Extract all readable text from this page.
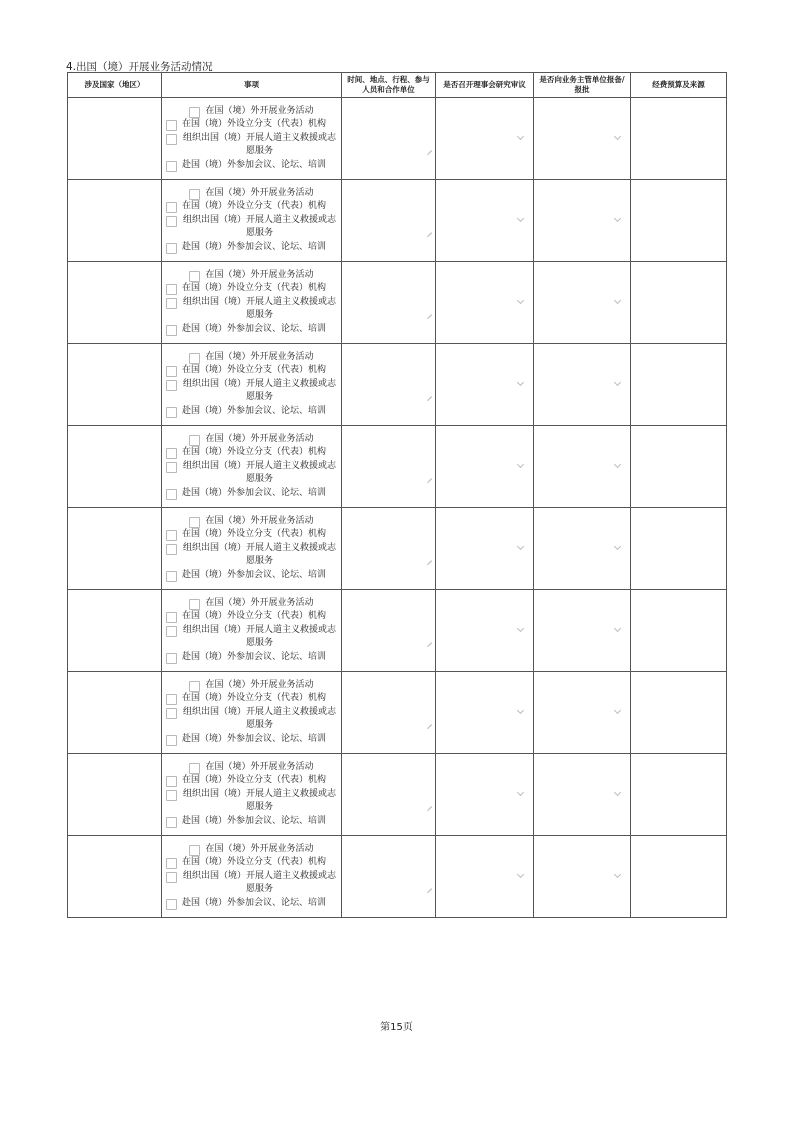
4.出国（境）开展业务活动情况
涉及国家（地区）	事项	时间、地点、行程、参与
人员和合作单位	是否召开理事会研究审议	是否向业务主管单位报备/
报批	经费预算及来源

	在国（境）外开展业务活动
在国（境）外设立分支（代表）机构
组织出国（境）开展人道主义救援或志
愿服务
赴国（境）外参加会议、论坛、培训				

	在国（境）外开展业务活动
在国（境）外设立分支（代表）机构
组织出国（境）开展人道主义救援或志
愿服务
赴国（境）外参加会议、论坛、培训				

	在国（境）外开展业务活动
在国（境）外设立分支（代表）机构
组织出国（境）开展人道主义救援或志
愿服务
赴国（境）外参加会议、论坛、培训				

	在国（境）外开展业务活动
在国（境）外设立分支（代表）机构
组织出国（境）开展人道主义救援或志
愿服务
赴国（境）外参加会议、论坛、培训				

	在国（境）外开展业务活动
在国（境）外设立分支（代表）机构
组织出国（境）开展人道主义救援或志
愿服务
赴国（境）外参加会议、论坛、培训				

	在国（境）外开展业务活动
在国（境）外设立分支（代表）机构
组织出国（境）开展人道主义救援或志
愿服务
赴国（境）外参加会议、论坛、培训				

	在国（境）外开展业务活动
在国（境）外设立分支（代表）机构
组织出国（境）开展人道主义救援或志
愿服务
赴国（境）外参加会议、论坛、培训				

	在国（境）外开展业务活动
在国（境）外设立分支（代表）机构
组织出国（境）开展人道主义救援或志
愿服务
赴国（境）外参加会议、论坛、培训				

	在国（境）外开展业务活动
在国（境）外设立分支（代表）机构
组织出国（境）开展人道主义救援或志
愿服务
赴国（境）外参加会议、论坛、培训				

	在国（境）外开展业务活动
在国（境）外设立分支（代表）机构
组织出国（境）开展人道主义救援或志
愿服务
赴国（境）外参加会议、论坛、培训				

第15页
